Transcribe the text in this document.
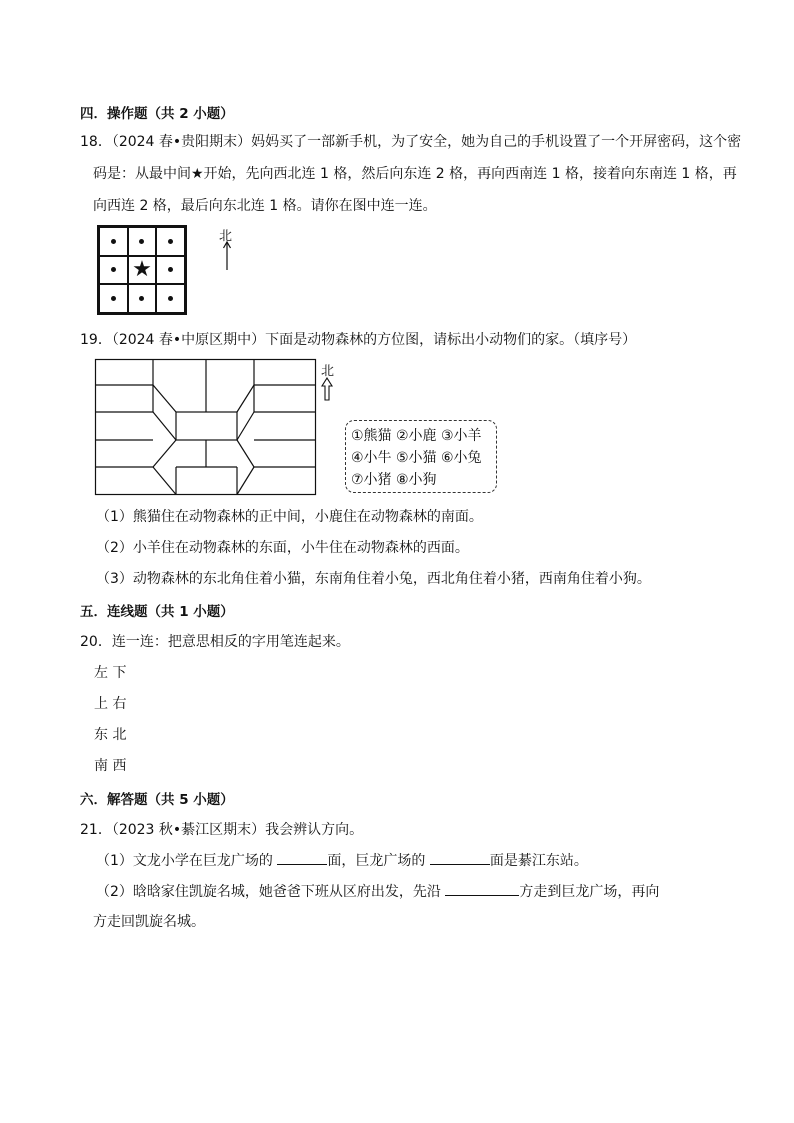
四．操作题（共 2 小题）
18．（2024 春•贵阳期末）妈妈买了一部新手机，为了安全，她为自己的手机设置了一个开屏密码，这个密
码是：从最中间★开始，先向西北连 1 格，然后向东连 2 格，再向西南连 1 格，接着向东南连 1 格，再
向西连 2 格，最后向东北连 1 格。请你在图中连一连。
★
北
19．（2024 春•中原区期中）下面是动物森林的方位图，请标出小动物们的家。（填序号）
北
①熊猫 ②小鹿 ③小羊
④小牛 ⑤小猫 ⑥小兔
⑦小猪 ⑧小狗
（1）熊猫住在动物森林的正中间，小鹿住在动物森林的南面。
（2）小羊住在动物森林的东面，小牛住在动物森林的西面。
（3）动物森林的东北角住着小猫，东南角住着小兔，西北角住着小猪，西南角住着小狗。
五．连线题（共 1 小题）
20．连一连：把意思相反的字用笔连起来。
左 下
上 右
东 北
南 西
六．解答题（共 5 小题）
21．（2023 秋•綦江区期末）我会辨认方向。
（1）文龙小学在巨龙广场的	面，巨龙广场的	面是綦江东站。
（2）晗晗家住凯旋名城，她爸爸下班从区府出发，先沿	方走到巨龙广场，再向
方走回凯旋名城。
